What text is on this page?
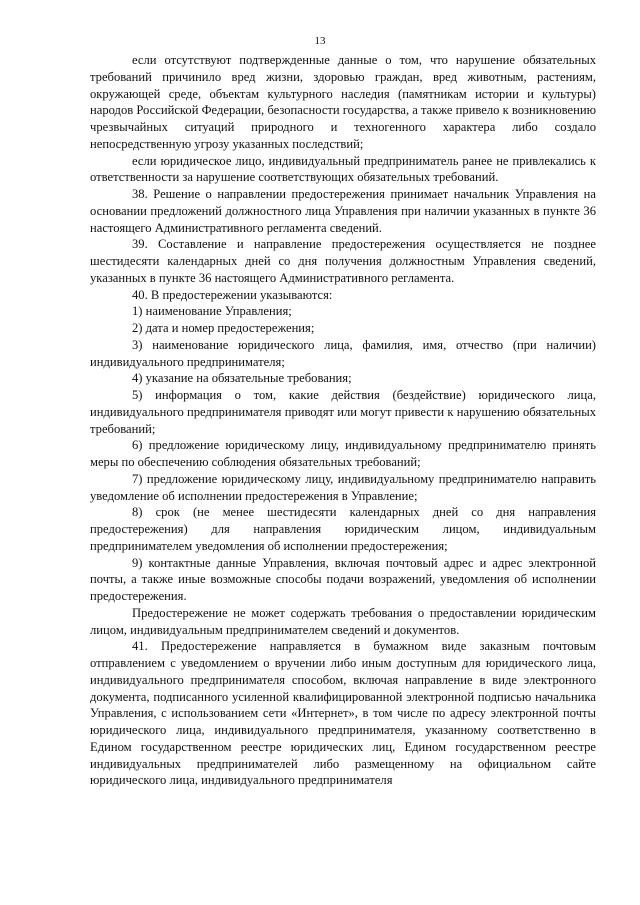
13

если отсутствуют подтвержденные данные о том, что нарушение обязательных требований причинило вред жизни, здоровью граждан, вред животным, растениям, окружающей среде, объектам культурного наследия (памятникам истории и культуры) народов Российской Федерации, безопасности государства, а также привело к возникновению чрезвычайных ситуаций природного и техногенного характера либо создало непосредственную угрозу указанных последствий;

если юридическое лицо, индивидуальный предприниматель ранее не привлекались к ответственности за нарушение соответствующих обязательных требований.

38. Решение о направлении предостережения принимает начальник Управления на основании предложений должностного лица Управления при наличии указанных в пункте 36 настоящего Административного регламента сведений.

39. Составление и направление предостережения осуществляется не позднее шестидесяти календарных дней со дня получения должностным Управления сведений, указанных в пункте 36 настоящего Административного регламента.

40. В предостережении указываются:

1) наименование Управления;

2) дата и номер предостережения;

3) наименование юридического лица, фамилия, имя, отчество (при наличии) индивидуального предпринимателя;

4) указание на обязательные требования;

5) информация о том, какие действия (бездействие) юридического лица, индивидуального предпринимателя приводят или могут привести к нарушению обязательных требований;

6) предложение юридическому лицу, индивидуальному предпринимателю принять меры по обеспечению соблюдения обязательных требований;

7) предложение юридическому лицу, индивидуальному предпринимателю направить уведомление об исполнении предостережения в Управление;

8) срок (не менее шестидесяти календарных дней со дня направления предостережения) для направления юридическим лицом, индивидуальным предпринимателем уведомления об исполнении предостережения;

9) контактные данные Управления, включая почтовый адрес и адрес электронной почты, а также иные возможные способы подачи возражений, уведомления об исполнении предостережения.

Предостережение не может содержать требования о предоставлении юридическим лицом, индивидуальным предпринимателем сведений и документов.

41. Предостережение направляется в бумажном виде заказным почтовым отправлением с уведомлением о вручении либо иным доступным для юридического лица, индивидуального предпринимателя способом, включая направление в виде электронного документа, подписанного усиленной квалифицированной электронной подписью начальника Управления, с использованием сети «Интернет», в том числе по адресу электронной почты юридического лица, индивидуального предпринимателя, указанному соответственно в Едином государственном реестре юридических лиц, Едином государственном реестре индивидуальных предпринимателей либо размещенному на официальном сайте юридического лица, индивидуального предпринимателя
